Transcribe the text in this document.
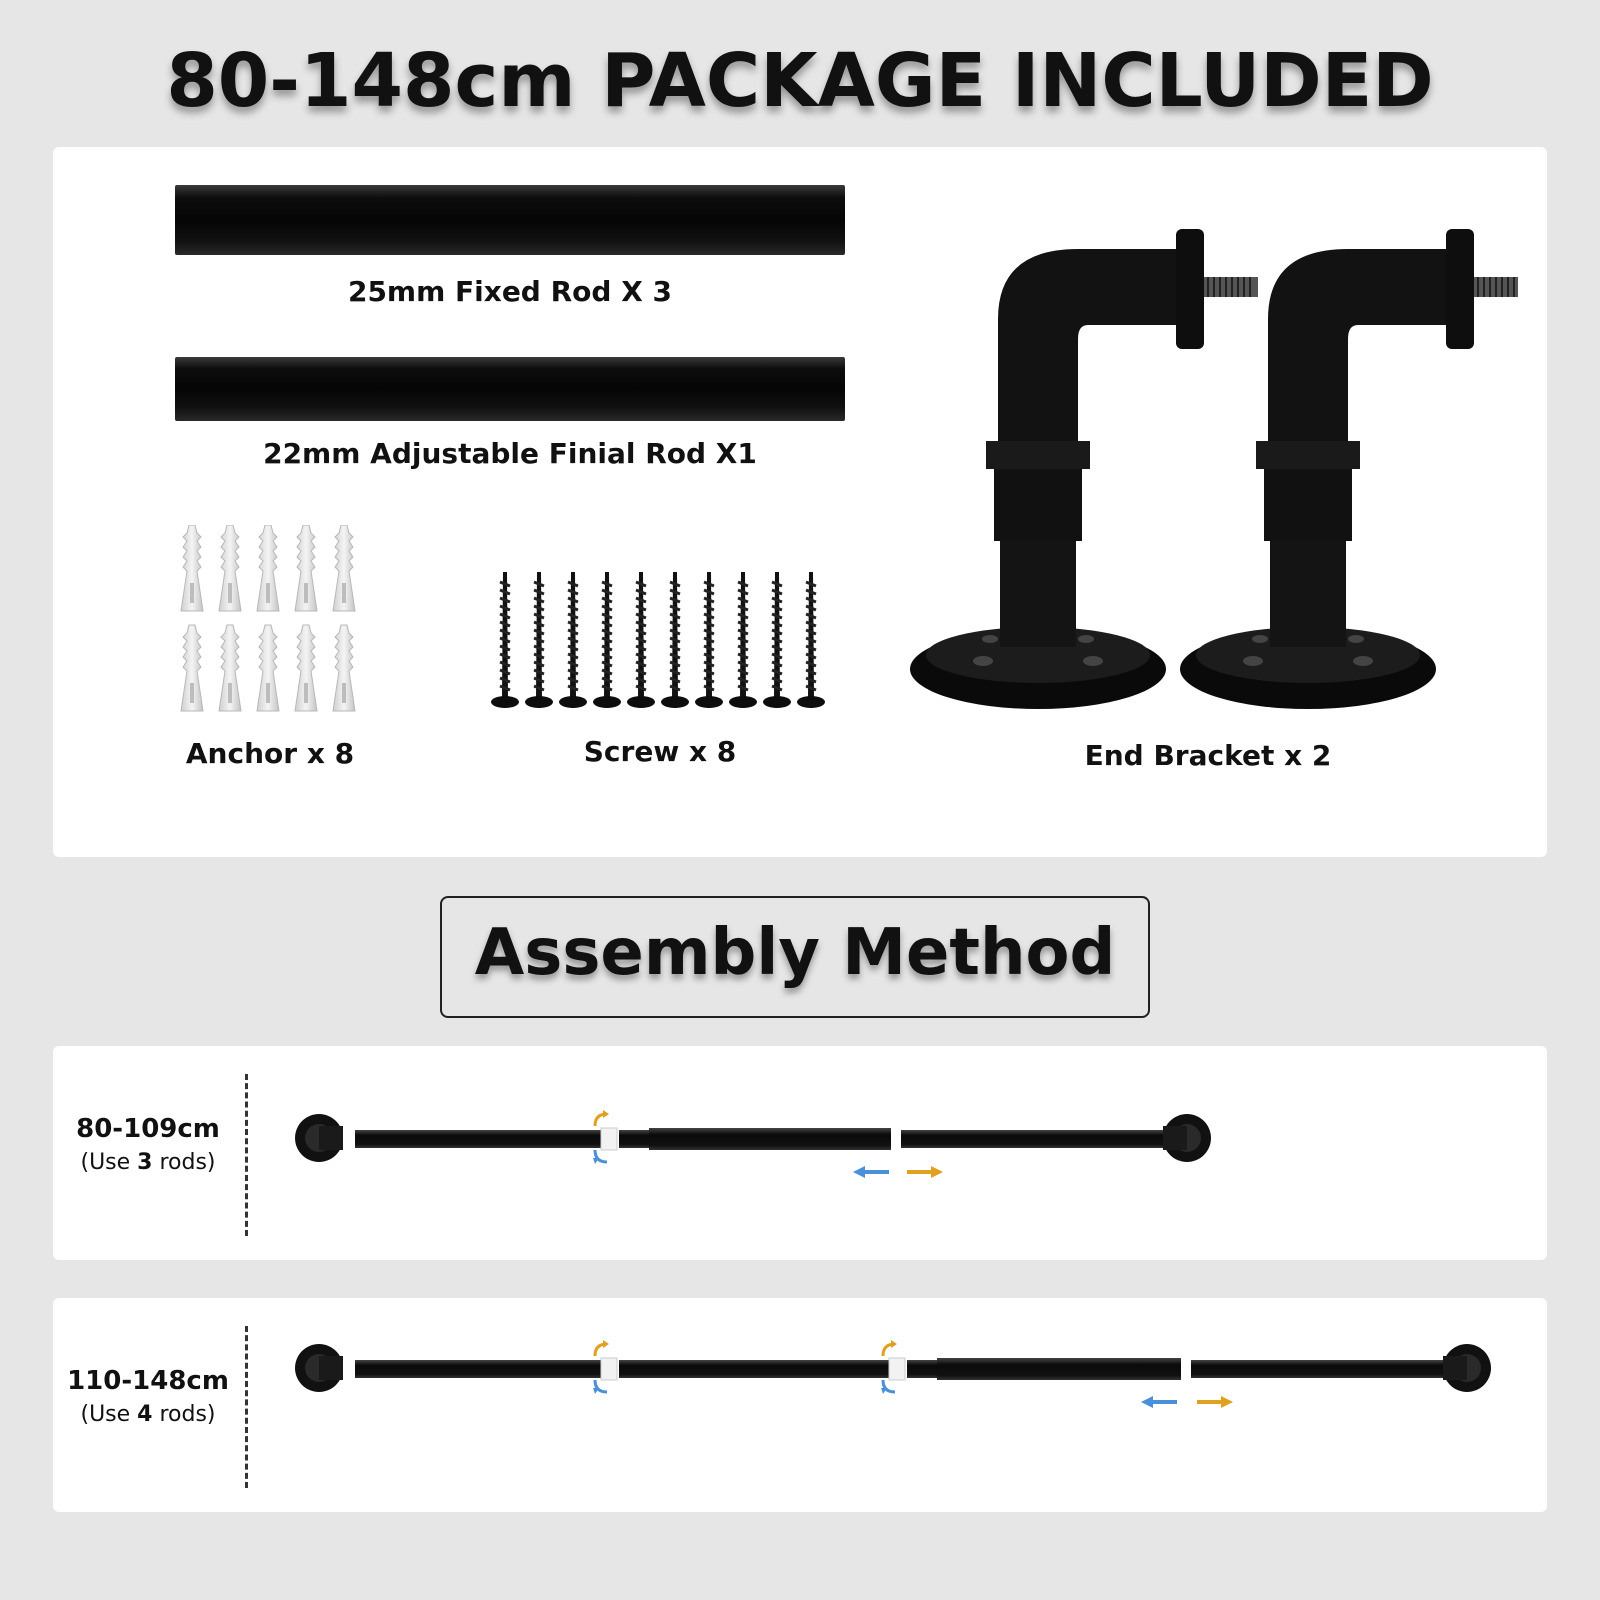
80-148cm PACKAGE INCLUDED
25mm Fixed Rod X 3
22mm Adjustable Finial Rod X1
Anchor x 8	Screw x 8	End Bracket x 2
Assembly Method
80-109cm
(Use 3 rods)
110-148cm
(Use 4 rods)
